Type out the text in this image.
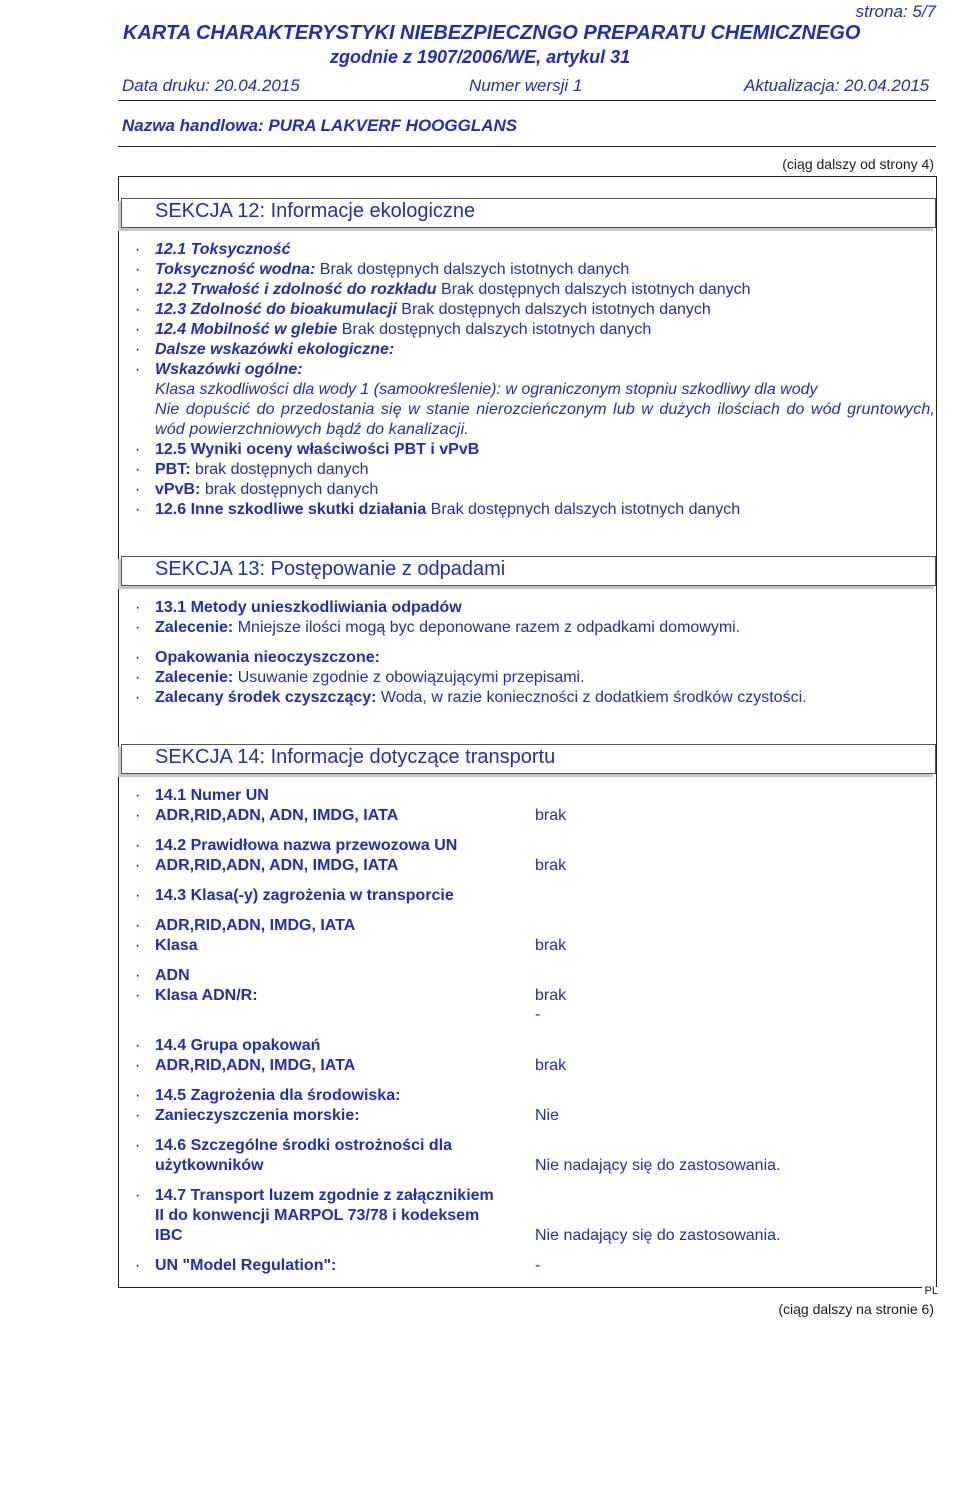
strona: 5/7
KARTA CHARAKTERYSTYKI NIEBEZPIECZNGO PREPARATU CHEMICZNEGO
zgodnie z 1907/2006/WE, artykul 31
Data druku: 20.04.2015	Numer wersji 1	Aktualizacja: 20.04.2015
Nazwa handlowa: PURA LAKVERF HOOGGLANS
(ciąg dalszy od strony 4)
SEKCJA 12: Informacje ekologiczne
· 12.1 Toksyczność
· Toksyczność wodna: Brak dostępnych dalszych istotnych danych
· 12.2 Trwałość i zdolność do rozkładu Brak dostępnych dalszych istotnych danych
· 12.3 Zdolność do bioakumulacji Brak dostępnych dalszych istotnych danych
· 12.4 Mobilność w glebie Brak dostępnych dalszych istotnych danych
· Dalsze wskazówki ekologiczne:
· Wskazówki ogólne:
Klasa szkodliwości dla wody 1 (samookreślenie): w ograniczonym stopniu szkodliwy dla wody
Nie dopuścić do przedostania się w stanie nierozcieńczonym lub w dużych ilościach do wód gruntowych, wód powierzchniowych bądź do kanalizacji.
· 12.5 Wyniki oceny właściwości PBT i vPvB
· PBT: brak dostępnych danych
· vPvB: brak dostępnych danych
· 12.6 Inne szkodliwe skutki działania Brak dostępnych dalszych istotnych danych
SEKCJA 13: Postępowanie z odpadami
· 13.1 Metody unieszkodliwiania odpadów
· Zalecenie: Mniejsze ilości mogą byc deponowane razem z odpadkami domowymi.
· Opakowania nieoczyszczone:
· Zalecenie: Usuwanie zgodnie z obowiązującymi przepisami.
· Zalecany środek czyszczący: Woda, w razie konieczności z dodatkiem środków czystości.
SEKCJA 14: Informacje dotyczące transportu
· 14.1 Numer UN
· ADR,RID,ADN, ADN, IMDG, IATA	brak
· 14.2 Prawidłowa nazwa przewozowa UN
· ADR,RID,ADN, ADN, IMDG, IATA	brak
· 14.3 Klasa(-y) zagrożenia w transporcie
· ADR,RID,ADN, IMDG, IATA
· Klasa	brak
· ADN
· Klasa ADN/R:	brak
-
· 14.4 Grupa opakowań
· ADR,RID,ADN, IMDG, IATA	brak
· 14.5 Zagrożenia dla środowiska:
· Zanieczyszczenia morskie:	Nie
· 14.6 Szczególne środki ostrożności dla
użytkowników	Nie nadający się do zastosowania.
· 14.7 Transport luzem zgodnie z załącznikiem
II do konwencji MARPOL 73/78 i kodeksem
IBC	Nie nadający się do zastosowania.
· UN "Model Regulation":	-
PL
(ciąg dalszy na stronie 6)
